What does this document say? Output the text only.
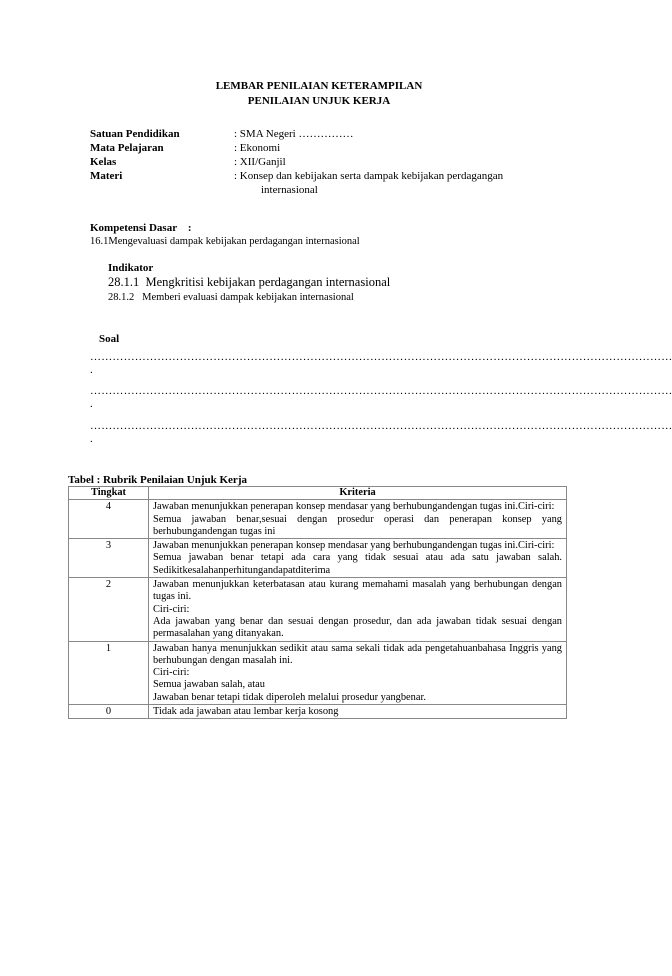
LEMBAR PENILAIAN KETERAMPILAN
PENILAIAN UNJUK KERJA
Satuan Pendidikan	: SMA Negeri ……………
Mata Pelajaran	: Ekonomi
Kelas	: XII/Ganjil
Materi	: Konsep dan kebijakan serta dampak kebijakan perdagangan
internasional
Kompetensi Dasar    :
16.1Mengevaluasi dampak kebijakan perdagangan internasional
Indikator
28.1.1  Mengkritisi kebijakan perdagangan internasional
28.1.2   Memberi evaluasi dampak kebijakan internasional
Soal
…………………………………………………………………………………………………………………………………………
.
…………………………………………………………………………………………………………………………………………
.
…………………………………………………………………………………………………………………………………………
.
Tabel : Rubrik Penilaian Unjuk Kerja
Tingkat	Kriteria
4	Jawaban menunjukkan penerapan konsep mendasar yang berhubungandengan tugas ini.Ciri-ciri:
Semua jawaban benar,sesuai dengan prosedur operasi dan penerapan konsep yang berhubungandengan tugas ini

3	Jawaban menunjukkan penerapan konsep mendasar yang berhubungandengan tugas ini.Ciri-ciri:
Semua jawaban benar tetapi ada cara yang tidak sesuai atau ada satu jawaban salah. Sedikitkesalahanperhitungandapatditerima

2	Jawaban menunjukkan keterbatasan atau kurang memahami masalah yang berhubungan dengan tugas ini.
Ciri-ciri:
Ada jawaban yang benar dan sesuai dengan prosedur, dan ada jawaban tidak sesuai dengan permasalahan yang ditanyakan.

1	Jawaban hanya menunjukkan sedikit atau sama sekali tidak ada pengetahuanbahasa Inggris yang berhubungan dengan masalah ini.
Ciri-ciri:
Semua jawaban salah, atau
Jawaban benar tetapi tidak diperoleh melalui prosedur yangbenar.

0	Tidak ada jawaban atau lembar kerja kosong
